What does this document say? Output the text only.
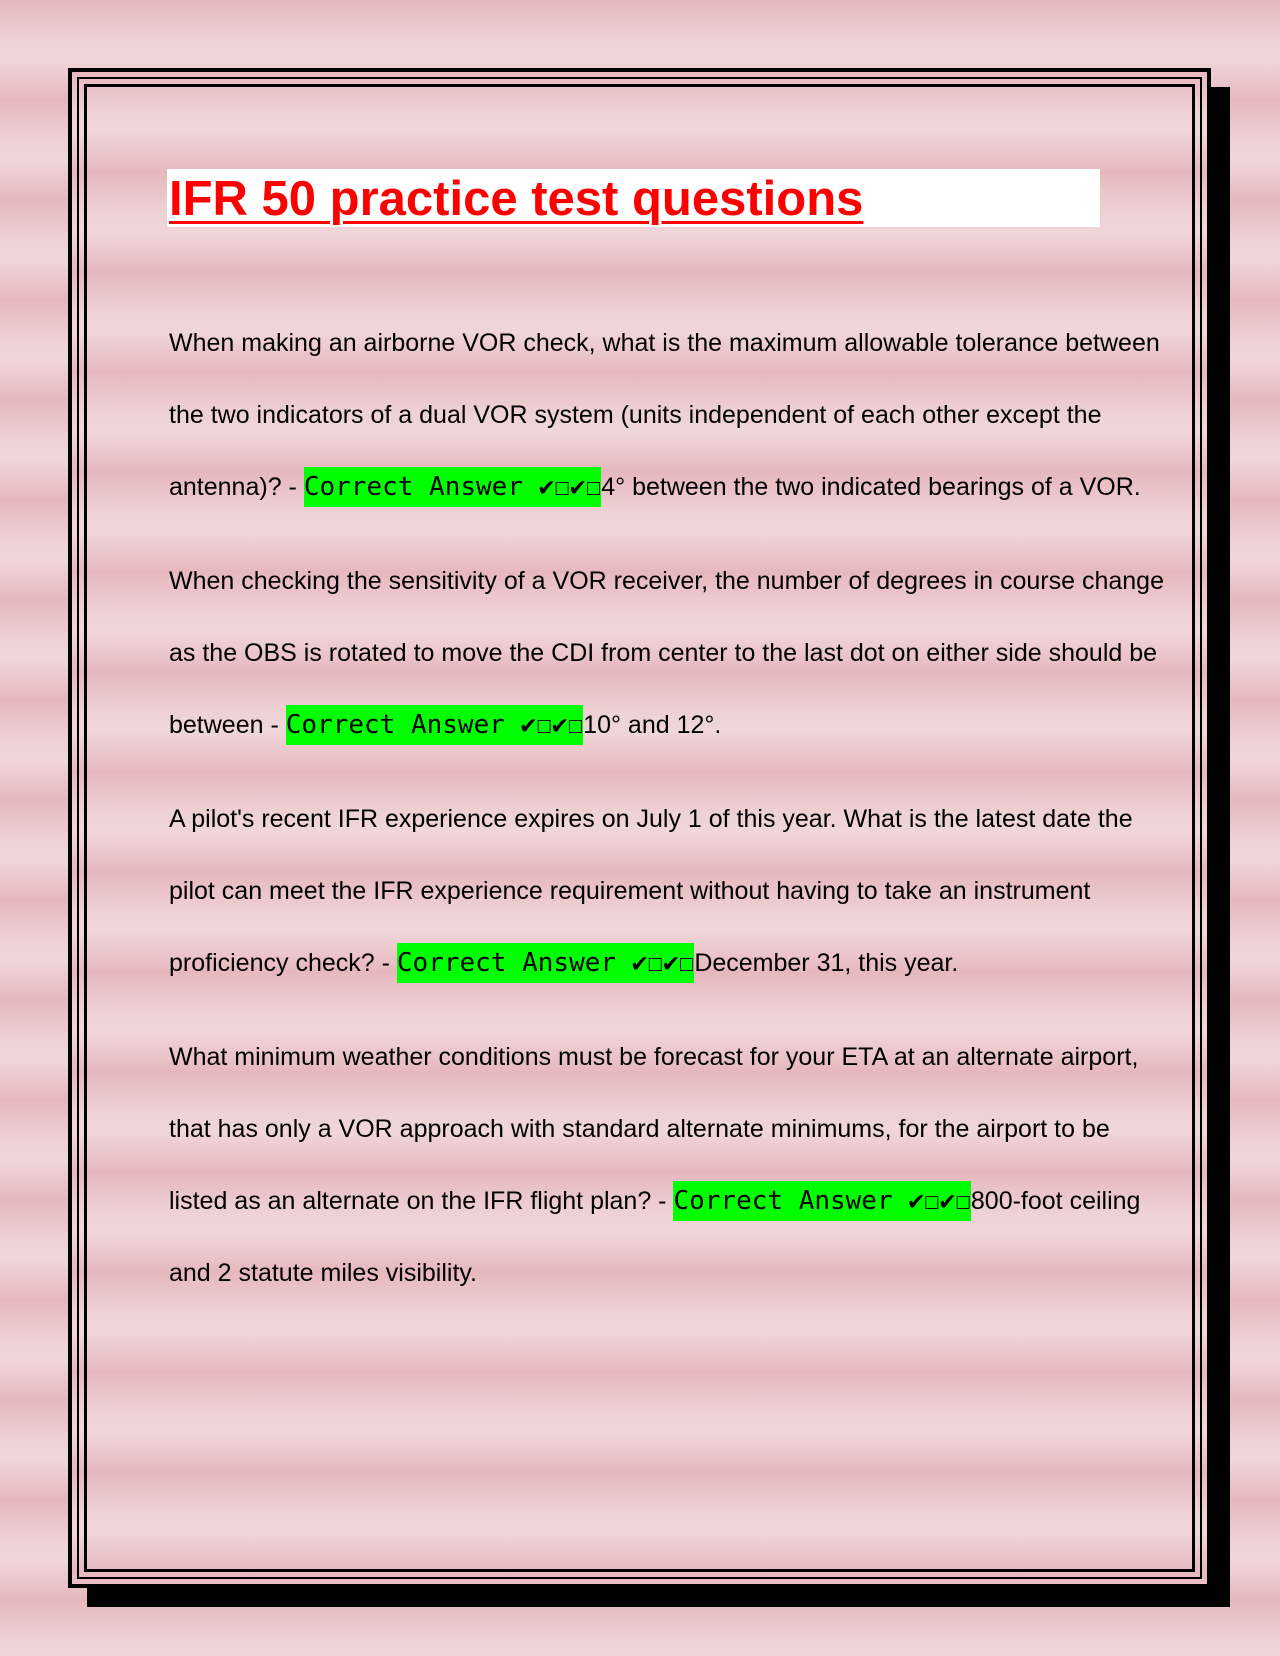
IFR 50 practice test questions

When making an airborne VOR check, what is the maximum allowable tolerance between the two indicators of a dual VOR system (units independent of each other except the antenna)? - Correct Answer ✔☐✔☐4° between the two indicated bearings of a VOR.

When checking the sensitivity of a VOR receiver, the number of degrees in course change as the OBS is rotated to move the CDI from center to the last dot on either side should be between - Correct Answer ✔☐✔☐10° and 12°.

A pilot's recent IFR experience expires on July 1 of this year. What is the latest date the pilot can meet the IFR experience requirement without having to take an instrument proficiency check? - Correct Answer ✔☐✔☐December 31, this year.

What minimum weather conditions must be forecast for your ETA at an alternate airport, that has only a VOR approach with standard alternate minimums, for the airport to be listed as an alternate on the IFR flight plan? - Correct Answer ✔☐✔☐800-foot ceiling and 2 statute miles visibility.
